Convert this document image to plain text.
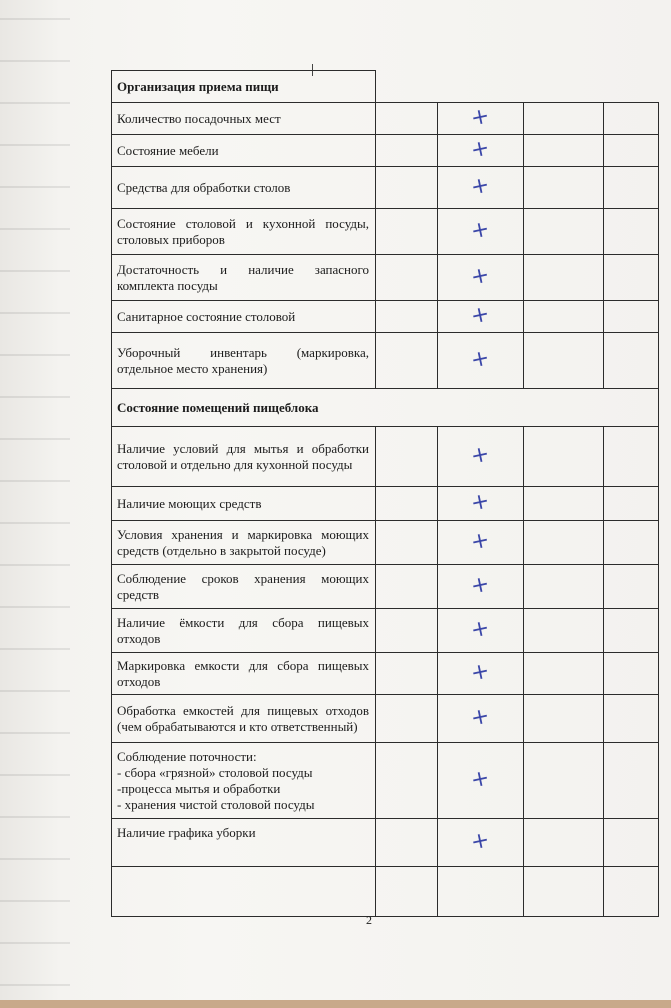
Организация приема пищи				
Количество посадочных мест		+		
Состояние мебели		+		
Средства для обработки столов		+		
Состояние столовой и кухонной посуды, столовых приборов		+		
Достаточность и наличие запасного комплекта посуды		+		
Санитарное состояние столовой		+		
Уборочный инвентарь (маркировка, отдельное место хранения)		+		
Состояние помещений пищеблока				
Наличие условий для мытья и обработки столовой и отдельно для кухонной посуды		+		
Наличие моющих средств		+		
Условия хранения и маркировка моющих средств (отдельно в закрытой посуде)		+		
Соблюдение сроков хранения моющих средств		+		
Наличие ёмкости для сбора пищевых отходов		+		
Маркировка емкости для сбора пищевых отходов		+		
Обработка емкостей для пищевых отходов (чем обрабатываются и кто ответственный)		+		

Соблюдение поточности:
- сбора «грязной» столовой посуды
-процесса мытья и обработки
- хранения чистой столовой посуды		+		
Наличие графика уборки		+		

2
